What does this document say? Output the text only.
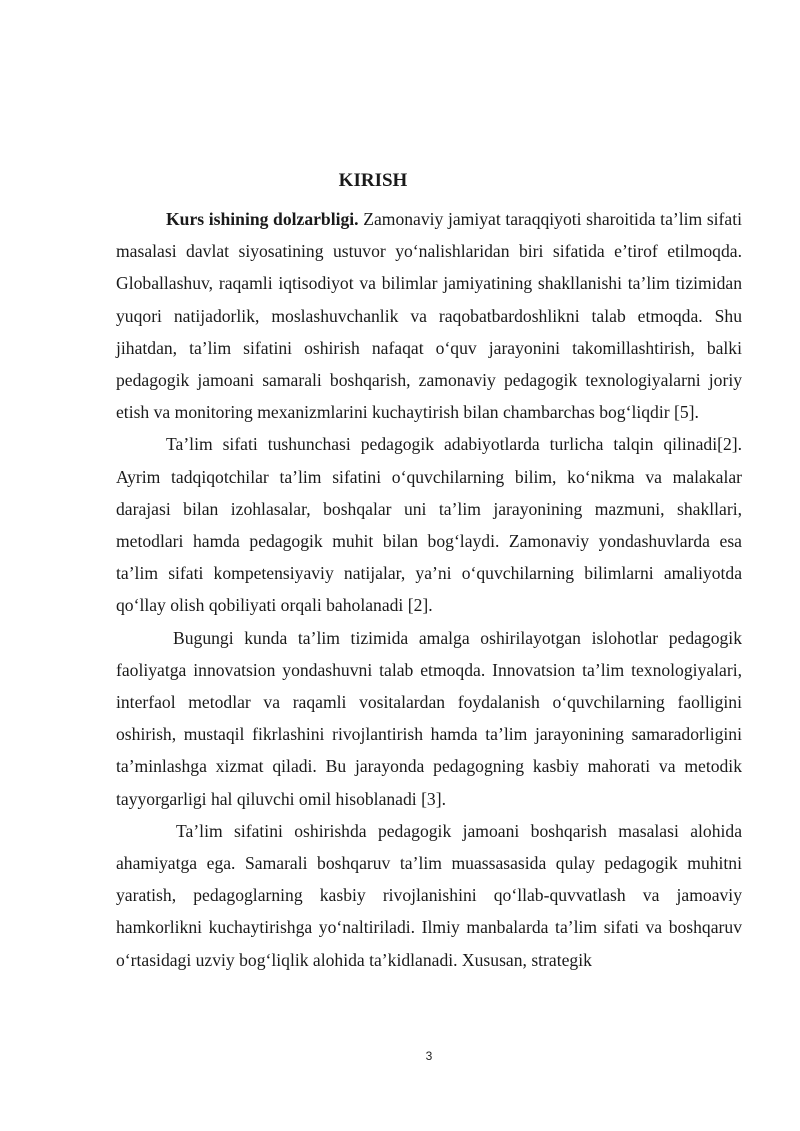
KIRISH

Kurs ishining dolzarbligi. Zamonaviy jamiyat taraqqiyoti sharoitida ta’lim sifati masalasi davlat siyosatining ustuvor yo‘nalishlaridan biri sifatida e’tirof etilmoqda. Globallashuv, raqamli iqtisodiyot va bilimlar jamiyatining shakllanishi ta’lim tizimidan yuqori natijadorlik, moslashuvchanlik va raqobatbardoshlikni talab etmoqda. Shu jihatdan, ta’lim sifatini oshirish nafaqat o‘quv jarayonini takomillashtirish, balki pedagogik jamoani samarali boshqarish, zamonaviy pedagogik texnologiyalarni joriy etish va monitoring mexanizmlarini kuchaytirish bilan chambarchas bog‘liqdir [5].

Ta’lim sifati tushunchasi pedagogik adabiyotlarda turlicha talqin qilinadi[2]. Ayrim tadqiqotchilar ta’lim sifatini o‘quvchilarning bilim, ko‘nikma va malakalar darajasi bilan izohlasalar, boshqalar uni ta’lim jarayonining mazmuni, shakllari, metodlari hamda pedagogik muhit bilan bog‘laydi. Zamonaviy yondashuvlarda esa ta’lim sifati kompetensiyaviy natijalar, ya’ni o‘quvchilarning bilimlarni amaliyotda qo‘llay olish qobiliyati orqali baholanadi [2].

Bugungi kunda ta’lim tizimida amalga oshirilayotgan islohotlar pedagogik faoliyatga innovatsion yondashuvni talab etmoqda. Innovatsion ta’lim texnologiyalari, interfaol metodlar va raqamli vositalardan foydalanish o‘quvchilarning faolligini oshirish, mustaqil fikrlashini rivojlantirish hamda ta’lim jarayonining samaradorligini ta’minlashga xizmat qiladi. Bu jarayonda pedagogning kasbiy mahorati va metodik tayyorgarligi hal qiluvchi omil hisoblanadi [3].

Ta’lim sifatini oshirishda pedagogik jamoani boshqarish masalasi alohida ahamiyatga ega. Samarali boshqaruv ta’lim muassasasida qulay pedagogik muhitni yaratish, pedagoglarning kasbiy rivojlanishini qo‘llab-quvvatlash va jamoaviy hamkorlikni kuchaytirishga yo‘naltiriladi. Ilmiy manbalarda ta’lim sifati va boshqaruv o‘rtasidagi uzviy bog‘liqlik alohida ta’kidlanadi. Xususan, strategik

3
